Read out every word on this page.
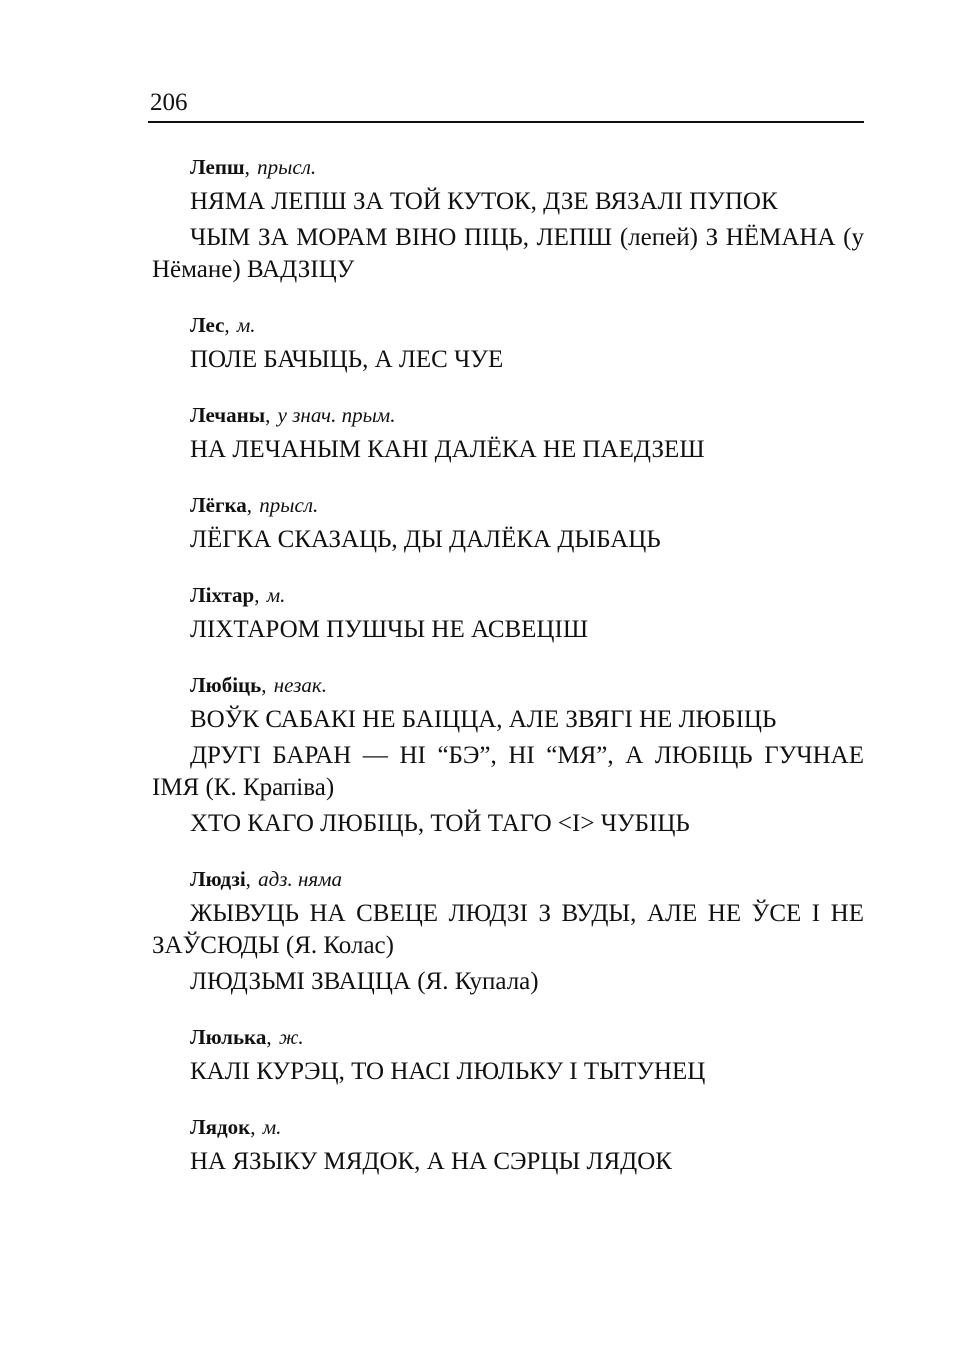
206
Лепш, прысл.

НЯМА ЛЕПШ ЗА ТОЙ КУТОК, ДЗЕ ВЯЗАЛІ ПУПОК

ЧЫМ ЗА МОРАМ ВІНО ПІЦЬ, ЛЕПШ (лепей) З НЁМАНА (у Нёмане) ВАДЗІЦУ

Лес, м.

ПОЛЕ БАЧЫЦЬ, А ЛЕС ЧУЕ

Лечаны, у знач. прым.

НА ЛЕЧАНЫМ КАНІ ДАЛЁКА НЕ ПАЕДЗЕШ

Лёгка, прысл.

ЛЁГКА СКАЗАЦЬ, ДЫ ДАЛЁКА ДЫБАЦЬ

Ліхтар, м.

ЛІХТАРОМ ПУШЧЫ НЕ АСВЕЦІШ

Любіць, незак.

ВОЎК САБАКІ НЕ БАІЦЦА, АЛЕ ЗВЯГІ НЕ ЛЮБІЦЬ

ДРУГІ БАРАН — НІ “БЭ”, НІ “МЯ”, А ЛЮБІЦЬ ГУЧНАЕ ІМЯ (К. Крапіва)

ХТО КАГО ЛЮБІЦЬ, ТОЙ ТАГО <І> ЧУБІЦЬ

Людзі, адз. няма

ЖЫВУЦЬ НА СВЕЦЕ ЛЮДЗІ З ВУДЫ, АЛЕ НЕ ЎСЕ І НЕ ЗАЎСЮДЫ (Я. Колас)

ЛЮДЗЬМІ ЗВАЦЦА (Я. Купала)

Люлька, ж.

КАЛІ КУРЭЦ, ТО НАСІ ЛЮЛЬКУ І ТЫТУНЕЦ

Лядок, м.

НА ЯЗЫКУ МЯДОК, А НА СЭРЦЫ ЛЯДОК
